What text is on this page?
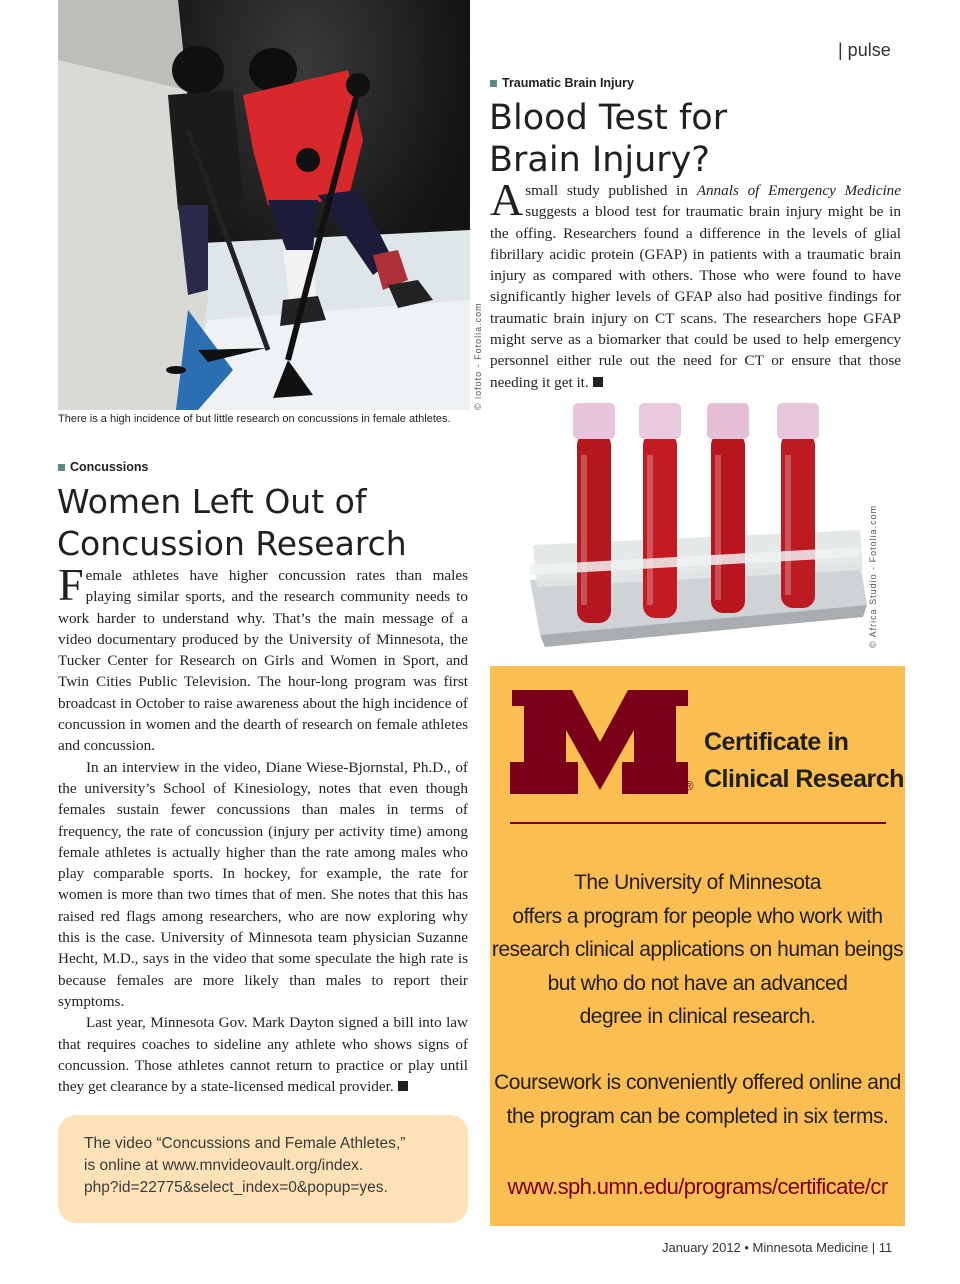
| pulse
© iofoto - Fotolia.com
There is a high incidence of but little research on concussions in female athletes.
Traumatic Brain Injury
Blood Test for
Brain Injury?

A small study published in Annals of Emergency Medicine suggests a blood test for traumatic brain injury might be in the offing. Researchers found a difference in the levels of glial fibrillary acidic protein (GFAP) in patients with a traumatic brain injury as compared with others. Those who were found to have significantly higher levels of GFAP also had positive findings for traumatic brain injury on CT scans. The researchers hope GFAP might serve as a biomarker that could be used to help emergency personnel either rule out the need for CT or ensure that those needing it get it.

© Africa Studio - Fotolia.com
Concussions
Women Left Out of
Concussion Research

Female athletes have higher concussion rates than males playing similar sports, and the research community needs to work harder to understand why. That’s the main message of a video documentary produced by the University of Minnesota, the Tucker Center for Research on Girls and Women in Sport, and Twin Cities Public Television. The hour-long program was first broadcast in October to raise awareness about the high incidence of concussion in women and the dearth of research on female athletes and concussion.

In an interview in the video, Diane Wiese-Bjornstal, Ph.D., of the university’s School of Kinesiology, notes that even though females sustain fewer concussions than males in terms of frequency, the rate of concussion (injury per activity time) among female athletes is actually higher than the rate among males who play comparable sports. In hockey, for example, the rate for women is more than two times that of men. She notes that this has raised red flags among researchers, who are now exploring why this is the case. University of Minnesota team physician Suzanne Hecht, M.D., says in the video that some speculate the high rate is because females are more likely than males to report their symptoms.

Last year, Minnesota Gov. Mark Dayton signed a bill into law that requires coaches to sideline any athlete who shows signs of concussion. Those athletes cannot return to practice or play until they get clearance by a state-licensed medical provider.

The video “Concussions and Female Athletes,”
is online at www.mnvideovault.org/index.
php?id=22775&select_index=0&popup=yes.
®
Certificate in
Clinical Research
The University of Minnesota
offers a program for people who work with
research clinical applications on human beings
but who do not have an advanced
degree in clinical research.
Coursework is conveniently offered online and
the program can be completed in six terms.
www.sph.umn.edu/programs/certificate/cr
January 2012 • Minnesota Medicine | 11
